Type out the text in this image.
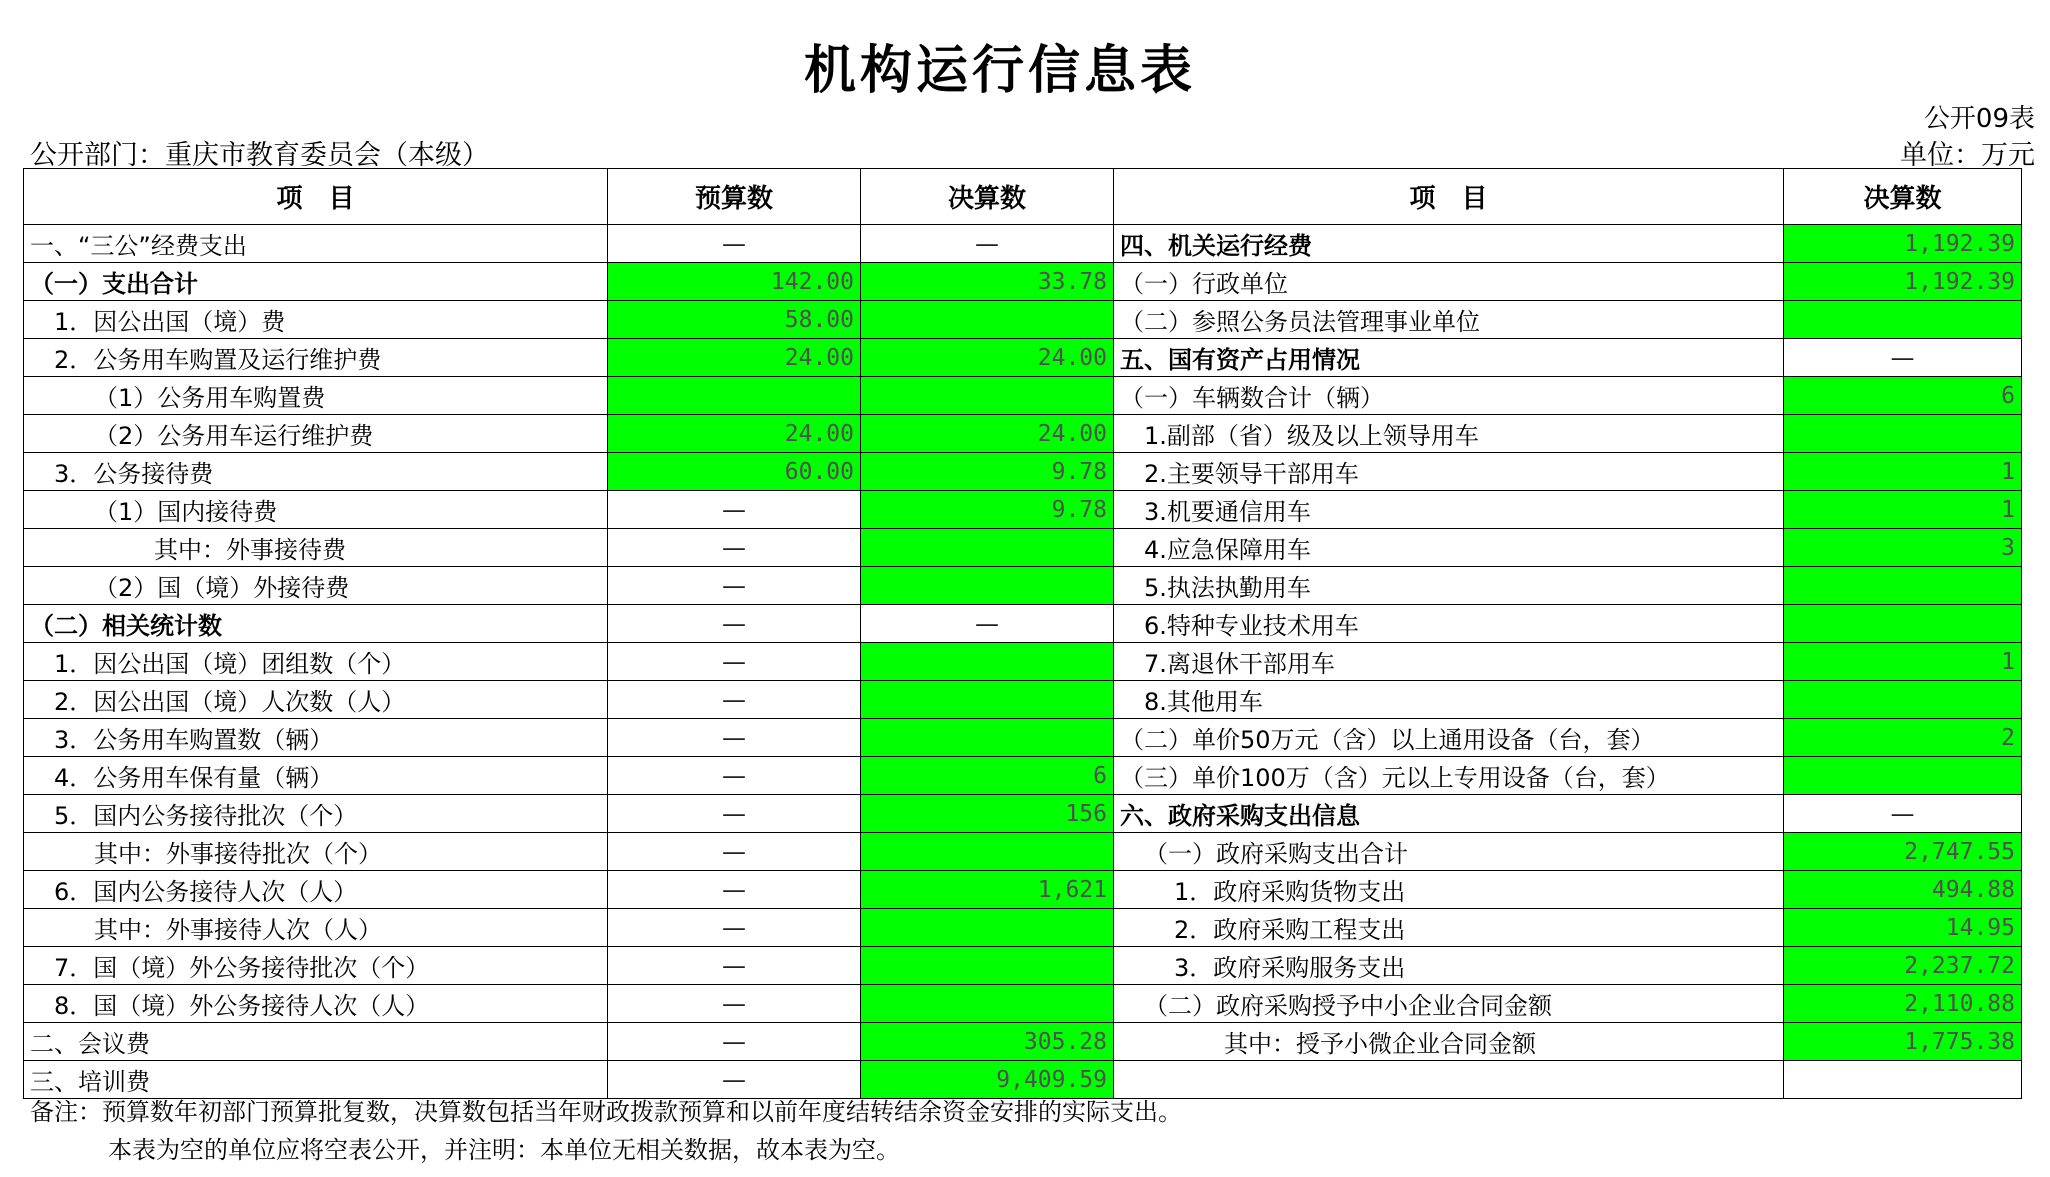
机构运行信息表
公开09表
公开部门：重庆市教育委员会（本级）	单位：万元
项　目	预算数	决算数	项　目	决算数
一、“三公”经费支出	—	—	四、机关运行经费	1,192.39
（一）支出合计	142.00	33.78	（一）行政单位	1,192.39
1．因公出国（境）费	58.00		（二）参照公务员法管理事业单位	
2．公务用车购置及运行维护费	24.00	24.00	五、国有资产占用情况	—
（1）公务用车购置费			（一）车辆数合计（辆）	6
（2）公务用车运行维护费	24.00	24.00	1.副部（省）级及以上领导用车	
3．公务接待费	60.00	9.78	2.主要领导干部用车	1
（1）国内接待费	—	9.78	3.机要通信用车	1
其中：外事接待费	—		4.应急保障用车	3
（2）国（境）外接待费	—		5.执法执勤用车	
（二）相关统计数	—	—	6.特种专业技术用车	
1．因公出国（境）团组数（个）	—		7.离退休干部用车	1
2．因公出国（境）人次数（人）	—		8.其他用车	
3．公务用车购置数（辆）	—		（二）单价50万元（含）以上通用设备（台，套）	2
4．公务用车保有量（辆）	—	6	（三）单价100万（含）元以上专用设备（台，套）	
5．国内公务接待批次（个）	—	156	六、政府采购支出信息	—
其中：外事接待批次（个）	—		（一）政府采购支出合计	2,747.55
6．国内公务接待人次（人）	—	1,621	1．政府采购货物支出	494.88
其中：外事接待人次（人）	—		2．政府采购工程支出	14.95
7．国（境）外公务接待批次（个）	—		3．政府采购服务支出	2,237.72
8．国（境）外公务接待人次（人）	—		（二）政府采购授予中小企业合同金额	2,110.88
二、会议费	—	305.28	其中：授予小微企业合同金额	1,775.38
三、培训费	—	9,409.59		
备注：预算数年初部门预算批复数，决算数包括当年财政拨款预算和以前年度结转结余资金安排的实际支出。
本表为空的单位应将空表公开，并注明：本单位无相关数据，故本表为空。
